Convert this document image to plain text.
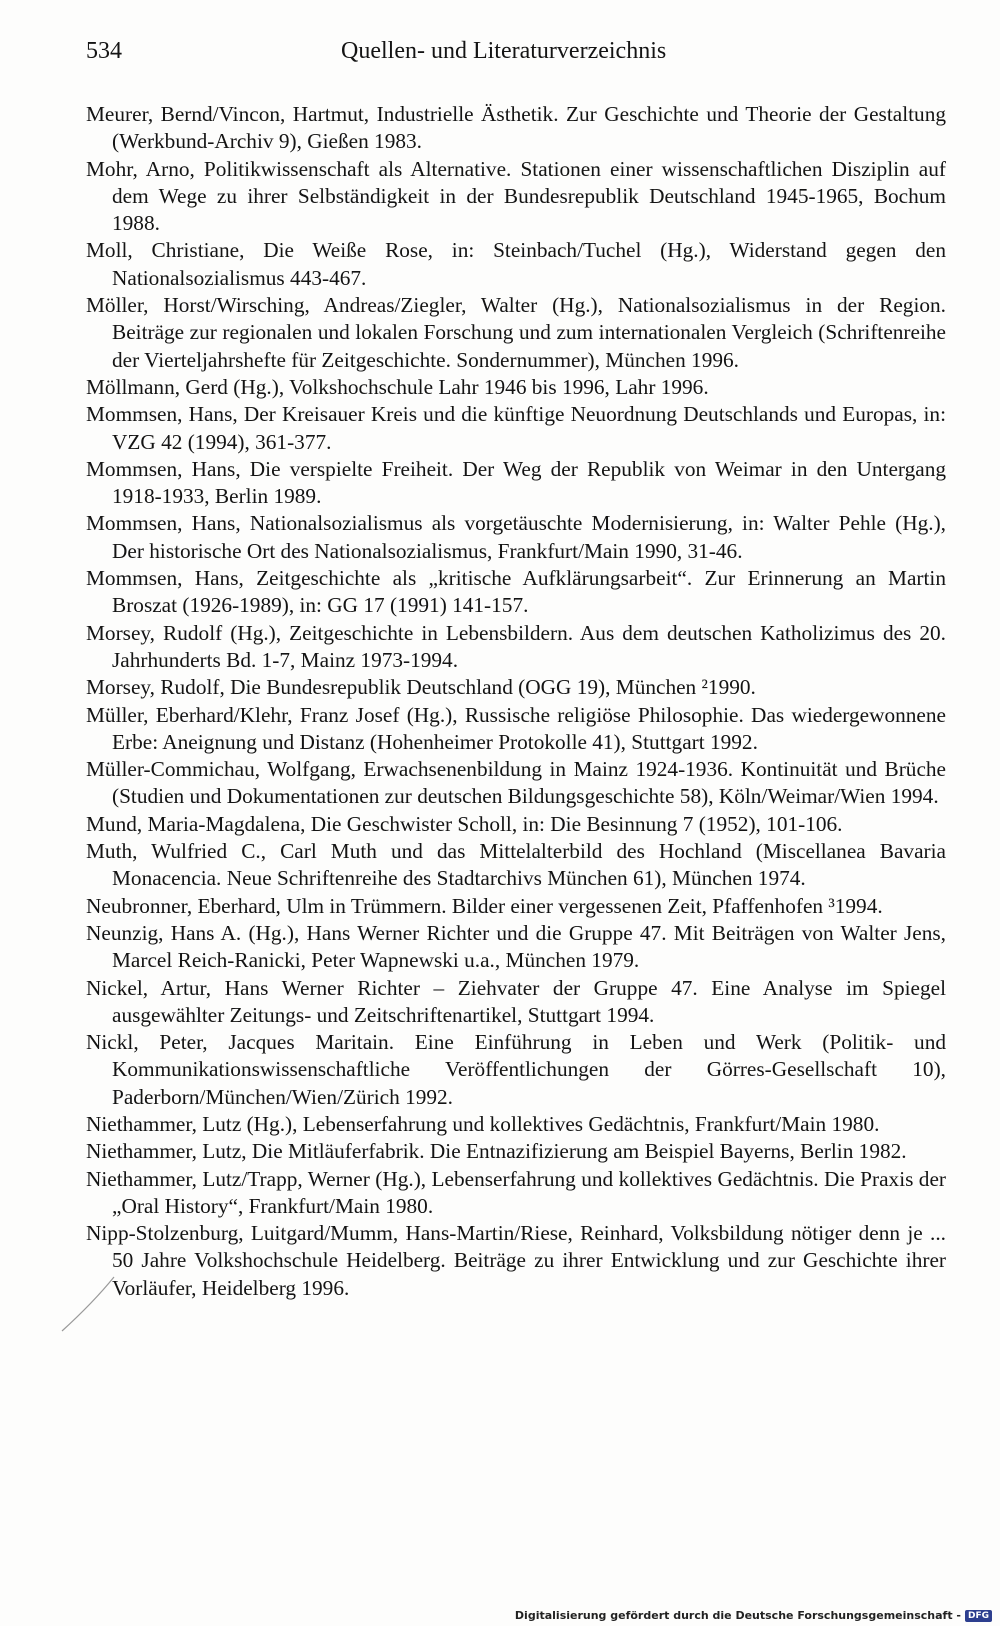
534	Quellen- und Literaturverzeichnis

Meurer, Bernd/Vincon, Hartmut, Industrielle Ästhetik. Zur Geschichte und Theorie der Gestaltung (Werkbund-Archiv 9), Gießen 1983.

Mohr, Arno, Politikwissenschaft als Alternative. Stationen einer wissenschaftlichen Disziplin auf dem Wege zu ihrer Selbständigkeit in der Bundesrepublik Deutschland 1945-1965, Bochum 1988.

Moll, Christiane, Die Weiße Rose, in: Steinbach/Tuchel (Hg.), Widerstand gegen den Nationalsozialismus 443-467.

Möller, Horst/Wirsching, Andreas/Ziegler, Walter (Hg.), Nationalsozialismus in der Region. Beiträge zur regionalen und lokalen Forschung und zum internationalen Vergleich (Schriftenreihe der Vierteljahrshefte für Zeitgeschichte. Sondernummer), München 1996.

Möllmann, Gerd (Hg.), Volkshochschule Lahr 1946 bis 1996, Lahr 1996.

Mommsen, Hans, Der Kreisauer Kreis und die künftige Neuordnung Deutschlands und Europas, in: VZG 42 (1994), 361-377.

Mommsen, Hans, Die verspielte Freiheit. Der Weg der Republik von Weimar in den Untergang 1918-1933, Berlin 1989.

Mommsen, Hans, Nationalsozialismus als vorgetäuschte Modernisierung, in: Walter Pehle (Hg.), Der historische Ort des Nationalsozialismus, Frankfurt/Main 1990, 31-46.

Mommsen, Hans, Zeitgeschichte als „kritische Aufklärungsarbeit“. Zur Erinnerung an Martin Broszat (1926-1989), in: GG 17 (1991) 141-157.

Morsey, Rudolf (Hg.), Zeitgeschichte in Lebensbildern. Aus dem deutschen Katholizimus des 20. Jahrhunderts Bd. 1-7, Mainz 1973-1994.

Morsey, Rudolf, Die Bundesrepublik Deutschland (OGG 19), München ²1990.

Müller, Eberhard/Klehr, Franz Josef (Hg.), Russische religiöse Philosophie. Das wiedergewonnene Erbe: Aneignung und Distanz (Hohenheimer Protokolle 41), Stuttgart 1992.

Müller-Commichau, Wolfgang, Erwachsenenbildung in Mainz 1924-1936. Kontinuität und Brüche (Studien und Dokumentationen zur deutschen Bildungsgeschichte 58), Köln/Weimar/Wien 1994.

Mund, Maria-Magdalena, Die Geschwister Scholl, in: Die Besinnung 7 (1952), 101-106.

Muth, Wulfried C., Carl Muth und das Mittelalterbild des Hochland (Miscellanea Bavaria Monacencia. Neue Schriftenreihe des Stadtarchivs München 61), München 1974.

Neubronner, Eberhard, Ulm in Trümmern. Bilder einer vergessenen Zeit, Pfaffenhofen ³1994.

Neunzig, Hans A. (Hg.), Hans Werner Richter und die Gruppe 47. Mit Beiträgen von Walter Jens, Marcel Reich-Ranicki, Peter Wapnewski u.a., München 1979.

Nickel, Artur, Hans Werner Richter – Ziehvater der Gruppe 47. Eine Analyse im Spiegel ausgewählter Zeitungs- und Zeitschriftenartikel, Stuttgart 1994.

Nickl, Peter, Jacques Maritain. Eine Einführung in Leben und Werk (Politik- und Kommunikationswissenschaftliche Veröffentlichungen der Görres-Gesellschaft 10), Paderborn/München/Wien/Zürich 1992.

Niethammer, Lutz (Hg.), Lebenserfahrung und kollektives Gedächtnis, Frankfurt/Main 1980.

Niethammer, Lutz, Die Mitläuferfabrik. Die Entnazifizierung am Beispiel Bayerns, Berlin 1982.

Niethammer, Lutz/Trapp, Werner (Hg.), Lebenserfahrung und kollektives Gedächtnis. Die Praxis der „Oral History“, Frankfurt/Main 1980.

Nipp-Stolzenburg, Luitgard/Mumm, Hans-Martin/Riese, Reinhard, Volksbildung nötiger denn je ... 50 Jahre Volkshochschule Heidelberg. Beiträge zu ihrer Entwicklung und zur Geschichte ihrer Vorläufer, Heidelberg 1996.

Digitalisierung gefördert durch die Deutsche Forschungsgemeinschaft - DFG
